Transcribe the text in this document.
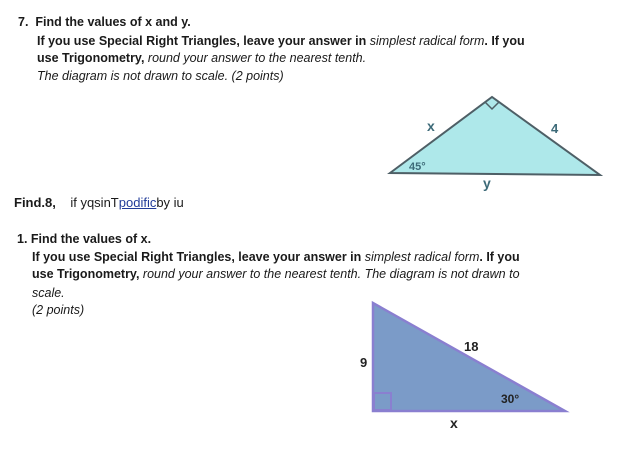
7. Find the values of x and y.
If you use Special Right Triangles, leave your answer in simplest radical form. If you
use Trigonometry, round your answer to the nearest tenth.
The diagram is not drawn to scale. (2 points)
Find.8, if yqsinTpodificby iu
1. Find the values of x.
If you use Special Right Triangles, leave your answer in simplest radical form. If you
use Trigonometry, round your answer to the nearest tenth. The diagram is not drawn to
scale.
(2 points)
x	4
45°
y
9
18
30°
x
